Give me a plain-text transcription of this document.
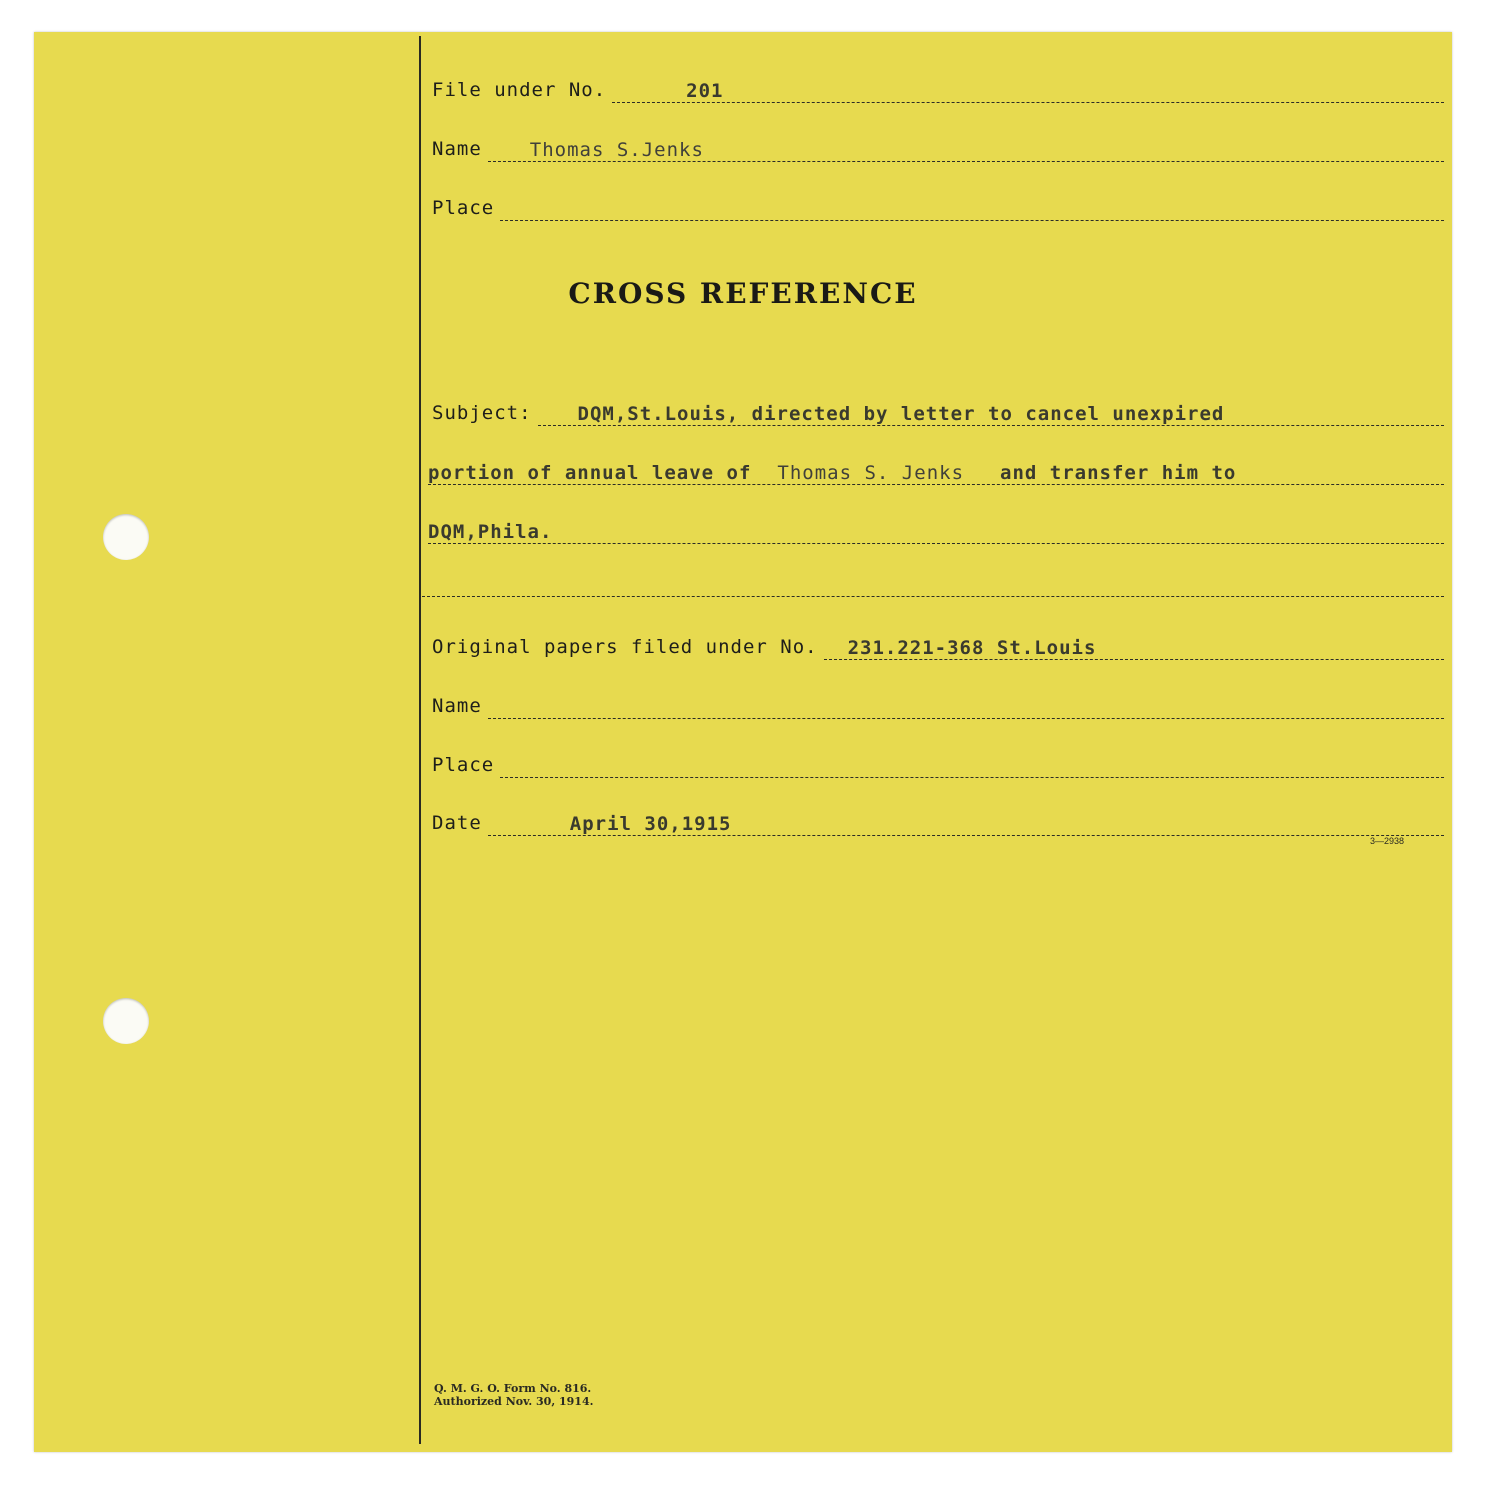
File under No.	201
Name	Thomas S.Jenks
Place
CROSS REFERENCE
Subject: DQM,St.Louis, directed by letter to cancel unexpired
portion of annual leave of Thomas S. Jenks and transfer him to
DQM,Phila.
Original papers filed under No. 231.221-368 St.Louis
Name
Place
Date	April 30,1915
3—2938
Q. M. G. O. Form No. 816.
Authorized Nov. 30, 1914.
